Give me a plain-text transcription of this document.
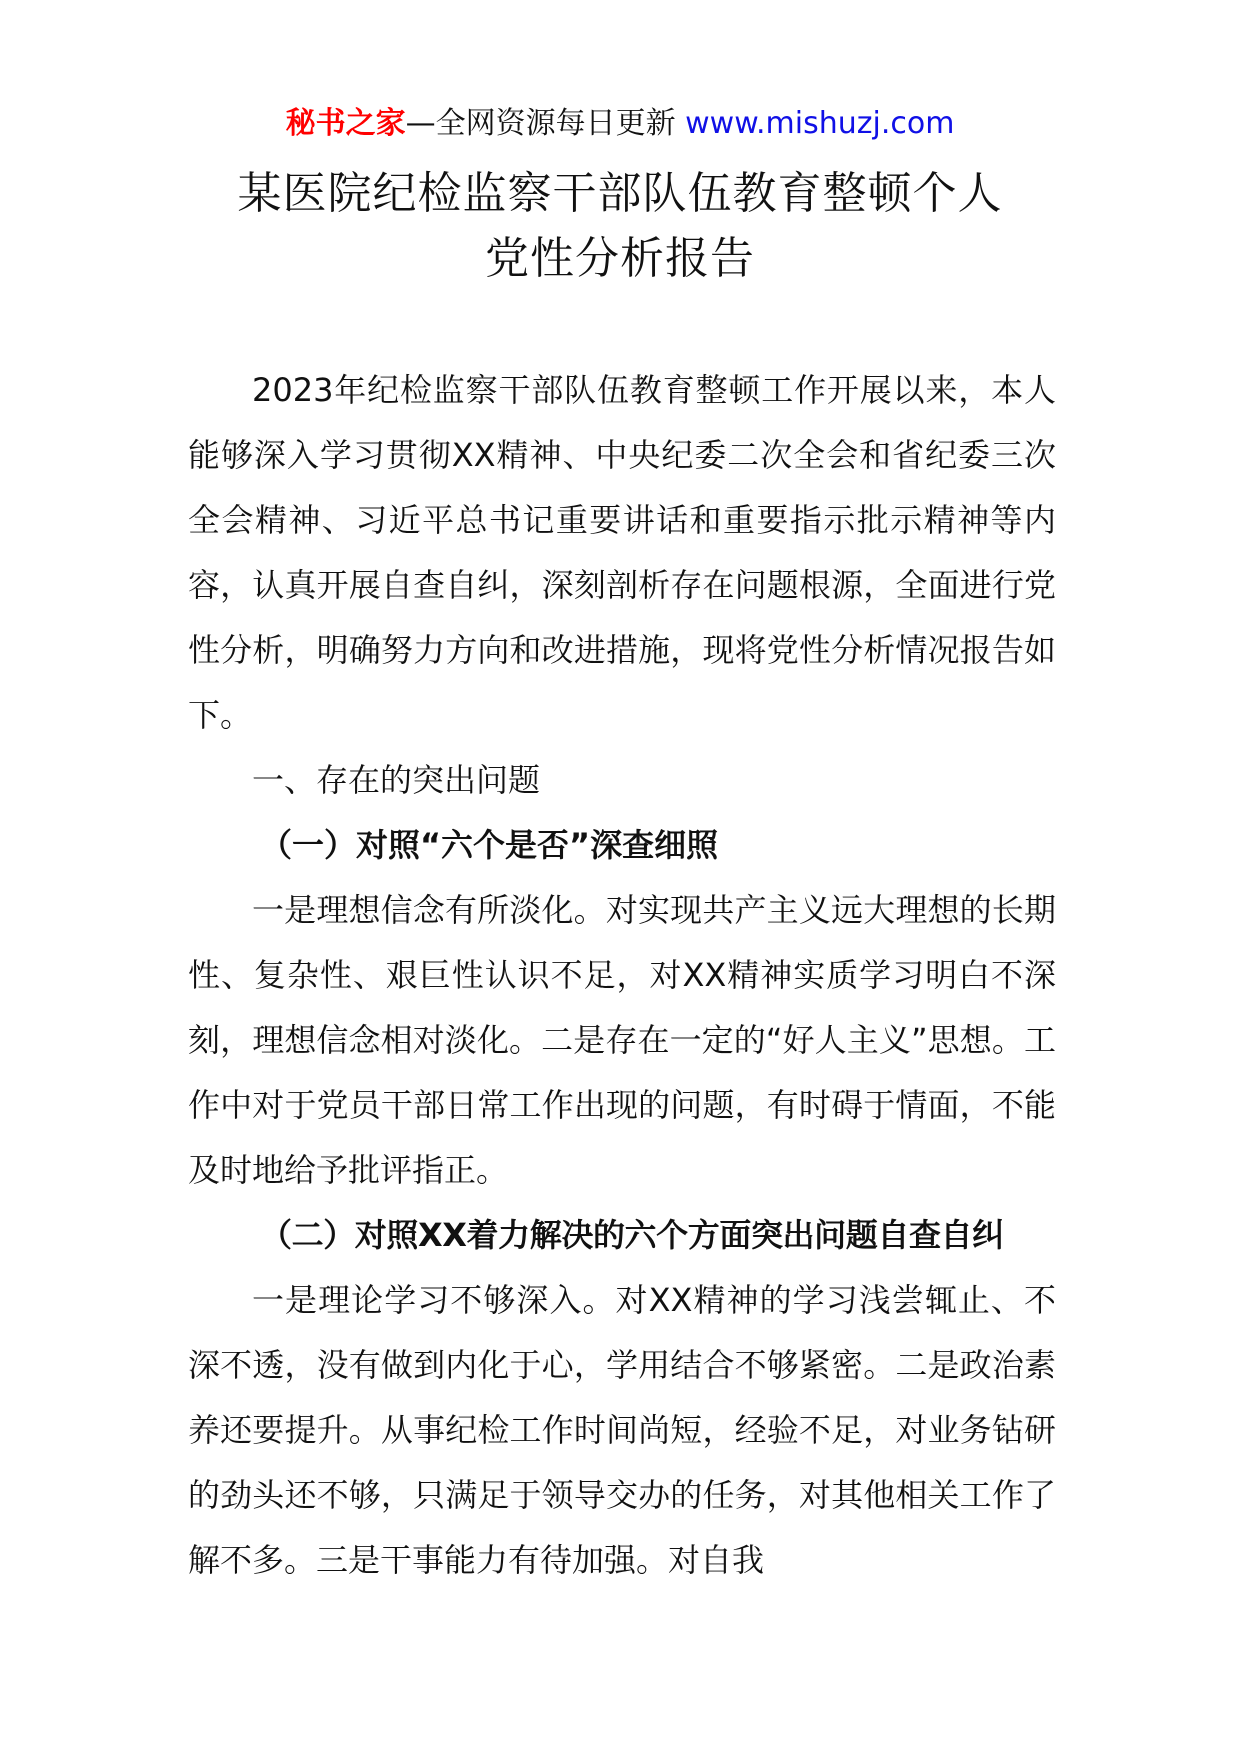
秘书之家—全网资源每日更新 www.mishuzj.com
某医院纪检监察干部队伍教育整顿个人
党性分析报告

2023年纪检监察干部队伍教育整顿工作开展以来，本人能够深入学习贯彻XX精神、中央纪委二次全会和省纪委三次全会精神、习近平总书记重要讲话和重要指示批示精神等内容，认真开展自查自纠，深刻剖析存在问题根源，全面进行党性分析，明确努力方向和改进措施，现将党性分析情况报告如下。

一、存在的突出问题

（一）对照“六个是否”深查细照

一是理想信念有所淡化。对实现共产主义远大理想的长期性、复杂性、艰巨性认识不足，对XX精神实质学习明白不深刻，理想信念相对淡化。二是存在一定的“好人主义”思想。工作中对于党员干部日常工作出现的问题，有时碍于情面，不能及时地给予批评指正。

（二）对照XX着力解决的六个方面突出问题自查自纠

一是理论学习不够深入。对XX精神的学习浅尝辄止、不深不透，没有做到内化于心，学用结合不够紧密。二是政治素养还要提升。从事纪检工作时间尚短，经验不足，对业务钻研的劲头还不够，只满足于领导交办的任务，对其他相关工作了解不多。三是干事能力有待加强。对自我
